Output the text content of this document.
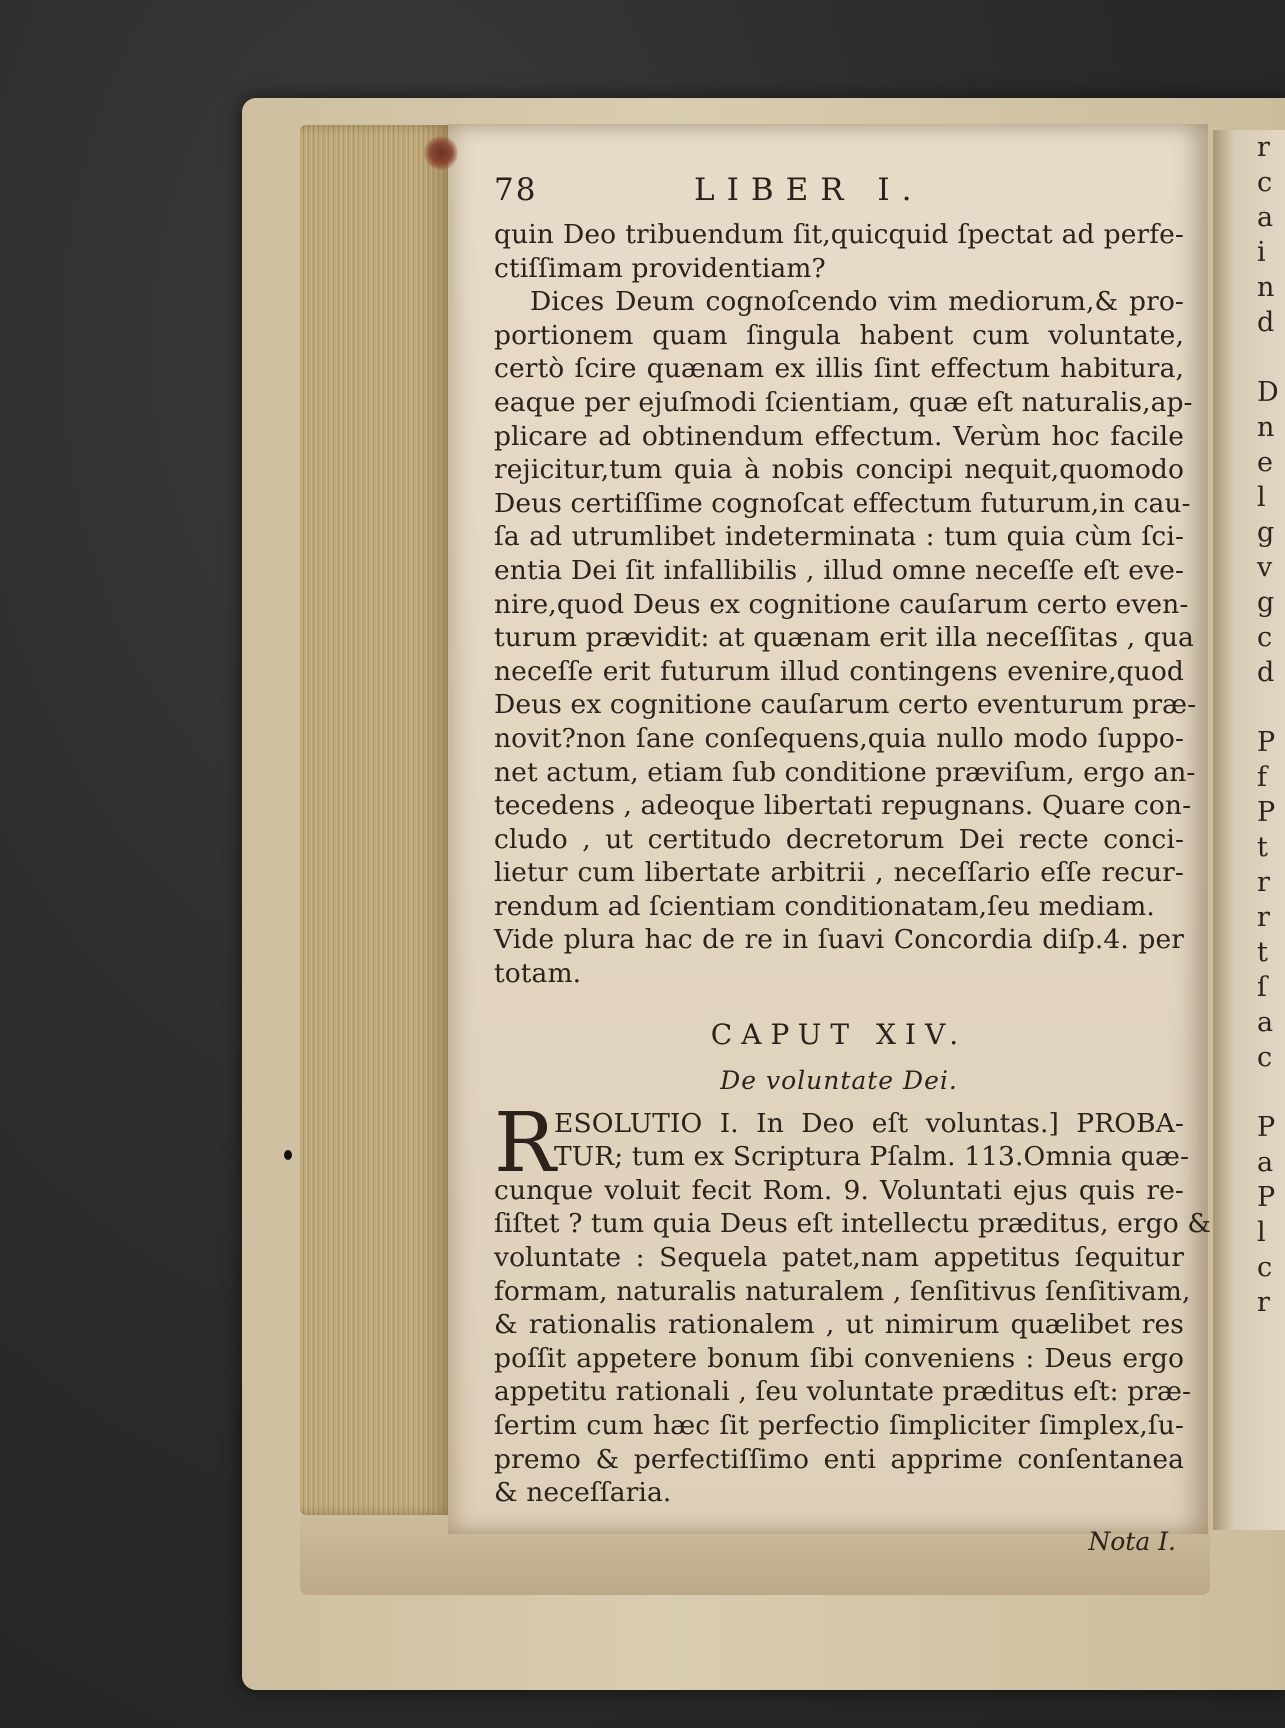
r
c
a
i
n
d
D
n
e
l
g
v
g
c
d
P
f
P
t
r
r
t
ſ
a
c
P
a
P
l
c
r
78	LIBER I.
quin Deo tribuendum ſit,quicquid ſpectat ad perfe-
ctiſſimam providentiam?
Dices Deum cognoſcendo vim mediorum,& pro-
portionem quam ſingula habent cum voluntate,
certò ſcire quænam ex illis ſint effectum habitura,
eaque per ejuſmodi ſcientiam, quæ eſt naturalis,ap-
plicare ad obtinendum effectum. Verùm hoc facile
rejicitur,tum quia à nobis concipi nequit,quomodo
Deus certiſſime cognoſcat effectum futurum,in cau-
ſa ad utrumlibet indeterminata : tum quia cùm ſci-
entia Dei ſit infallibilis , illud omne neceſſe eſt eve-
nire,quod Deus ex cognitione cauſarum certo even-
turum prævidit: at quænam erit illa neceſſitas , qua
neceſſe erit futurum illud contingens evenire,quod
Deus ex cognitione cauſarum certo eventurum præ-
novit?non ſane conſequens,quia nullo modo ſuppo-
net actum, etiam ſub conditione præviſum, ergo an-
tecedens , adeoque libertati repugnans. Quare con-
cludo , ut certitudo decretorum Dei recte conci-
lietur cum libertate arbitrii , neceſſario eſſe recur-
rendum ad ſcientiam conditionatam,ſeu mediam.
Vide plura hac de re in ſuavi Concordia diſp.4. per
totam.
CAPUT XIV.
De voluntate Dei.
R
ESOLUTIO I. In Deo eſt voluntas.] PROBA-
TUR; tum ex Scriptura Pſalm. 113.Omnia quæ-
cunque voluit fecit Rom. 9. Voluntati ejus quis re-
ſiſtet ? tum quia Deus eſt intellectu præditus, ergo &
voluntate : Sequela patet,nam appetitus ſequitur
formam, naturalis naturalem , ſenſitivus ſenſitivam,
& rationalis rationalem , ut nimirum quælibet res
poſſit appetere bonum ſibi conveniens : Deus ergo
appetitu rationali , ſeu voluntate præditus eſt: præ-
ſertim cum hæc ſit perfectio ſimpliciter ſimplex,ſu-
premo & perfectiſſimo enti apprime conſentanea
& neceſſaria.
Nota I.
